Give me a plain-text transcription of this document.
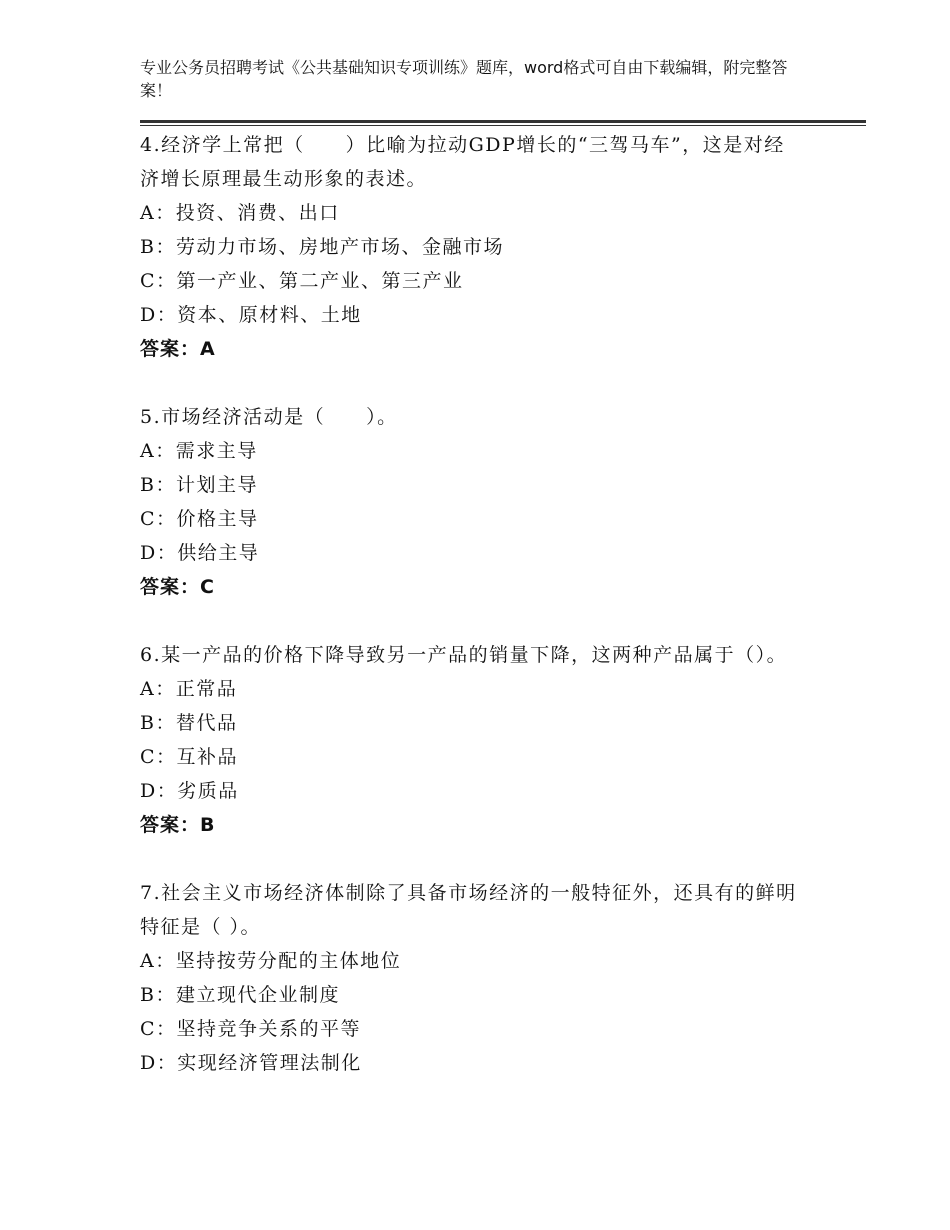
专业公务员招聘考试《公共基础知识专项训练》题库，word格式可自由下载编辑，附完整答案！

4.经济学上常把（　　）比喻为拉动GDP增长的“三驾马车”，这是对经济增长原理最生动形象的表述。

A：投资、消费、出口

B：劳动力市场、房地产市场、金融市场

C：第一产业、第二产业、第三产业

D：资本、原材料、土地

答案：A

5.市场经济活动是（　　）。

A：需求主导

B：计划主导

C：价格主导

D：供给主导

答案：C

6.某一产品的价格下降导致另一产品的销量下降，这两种产品属于（）。

A：正常品

B：替代品

C：互补品

D：劣质品

答案：B

7.社会主义市场经济体制除了具备市场经济的一般特征外，还具有的鲜明特征是（ ）。

A：坚持按劳分配的主体地位

B：建立现代企业制度

C：坚持竞争关系的平等

D：实现经济管理法制化
